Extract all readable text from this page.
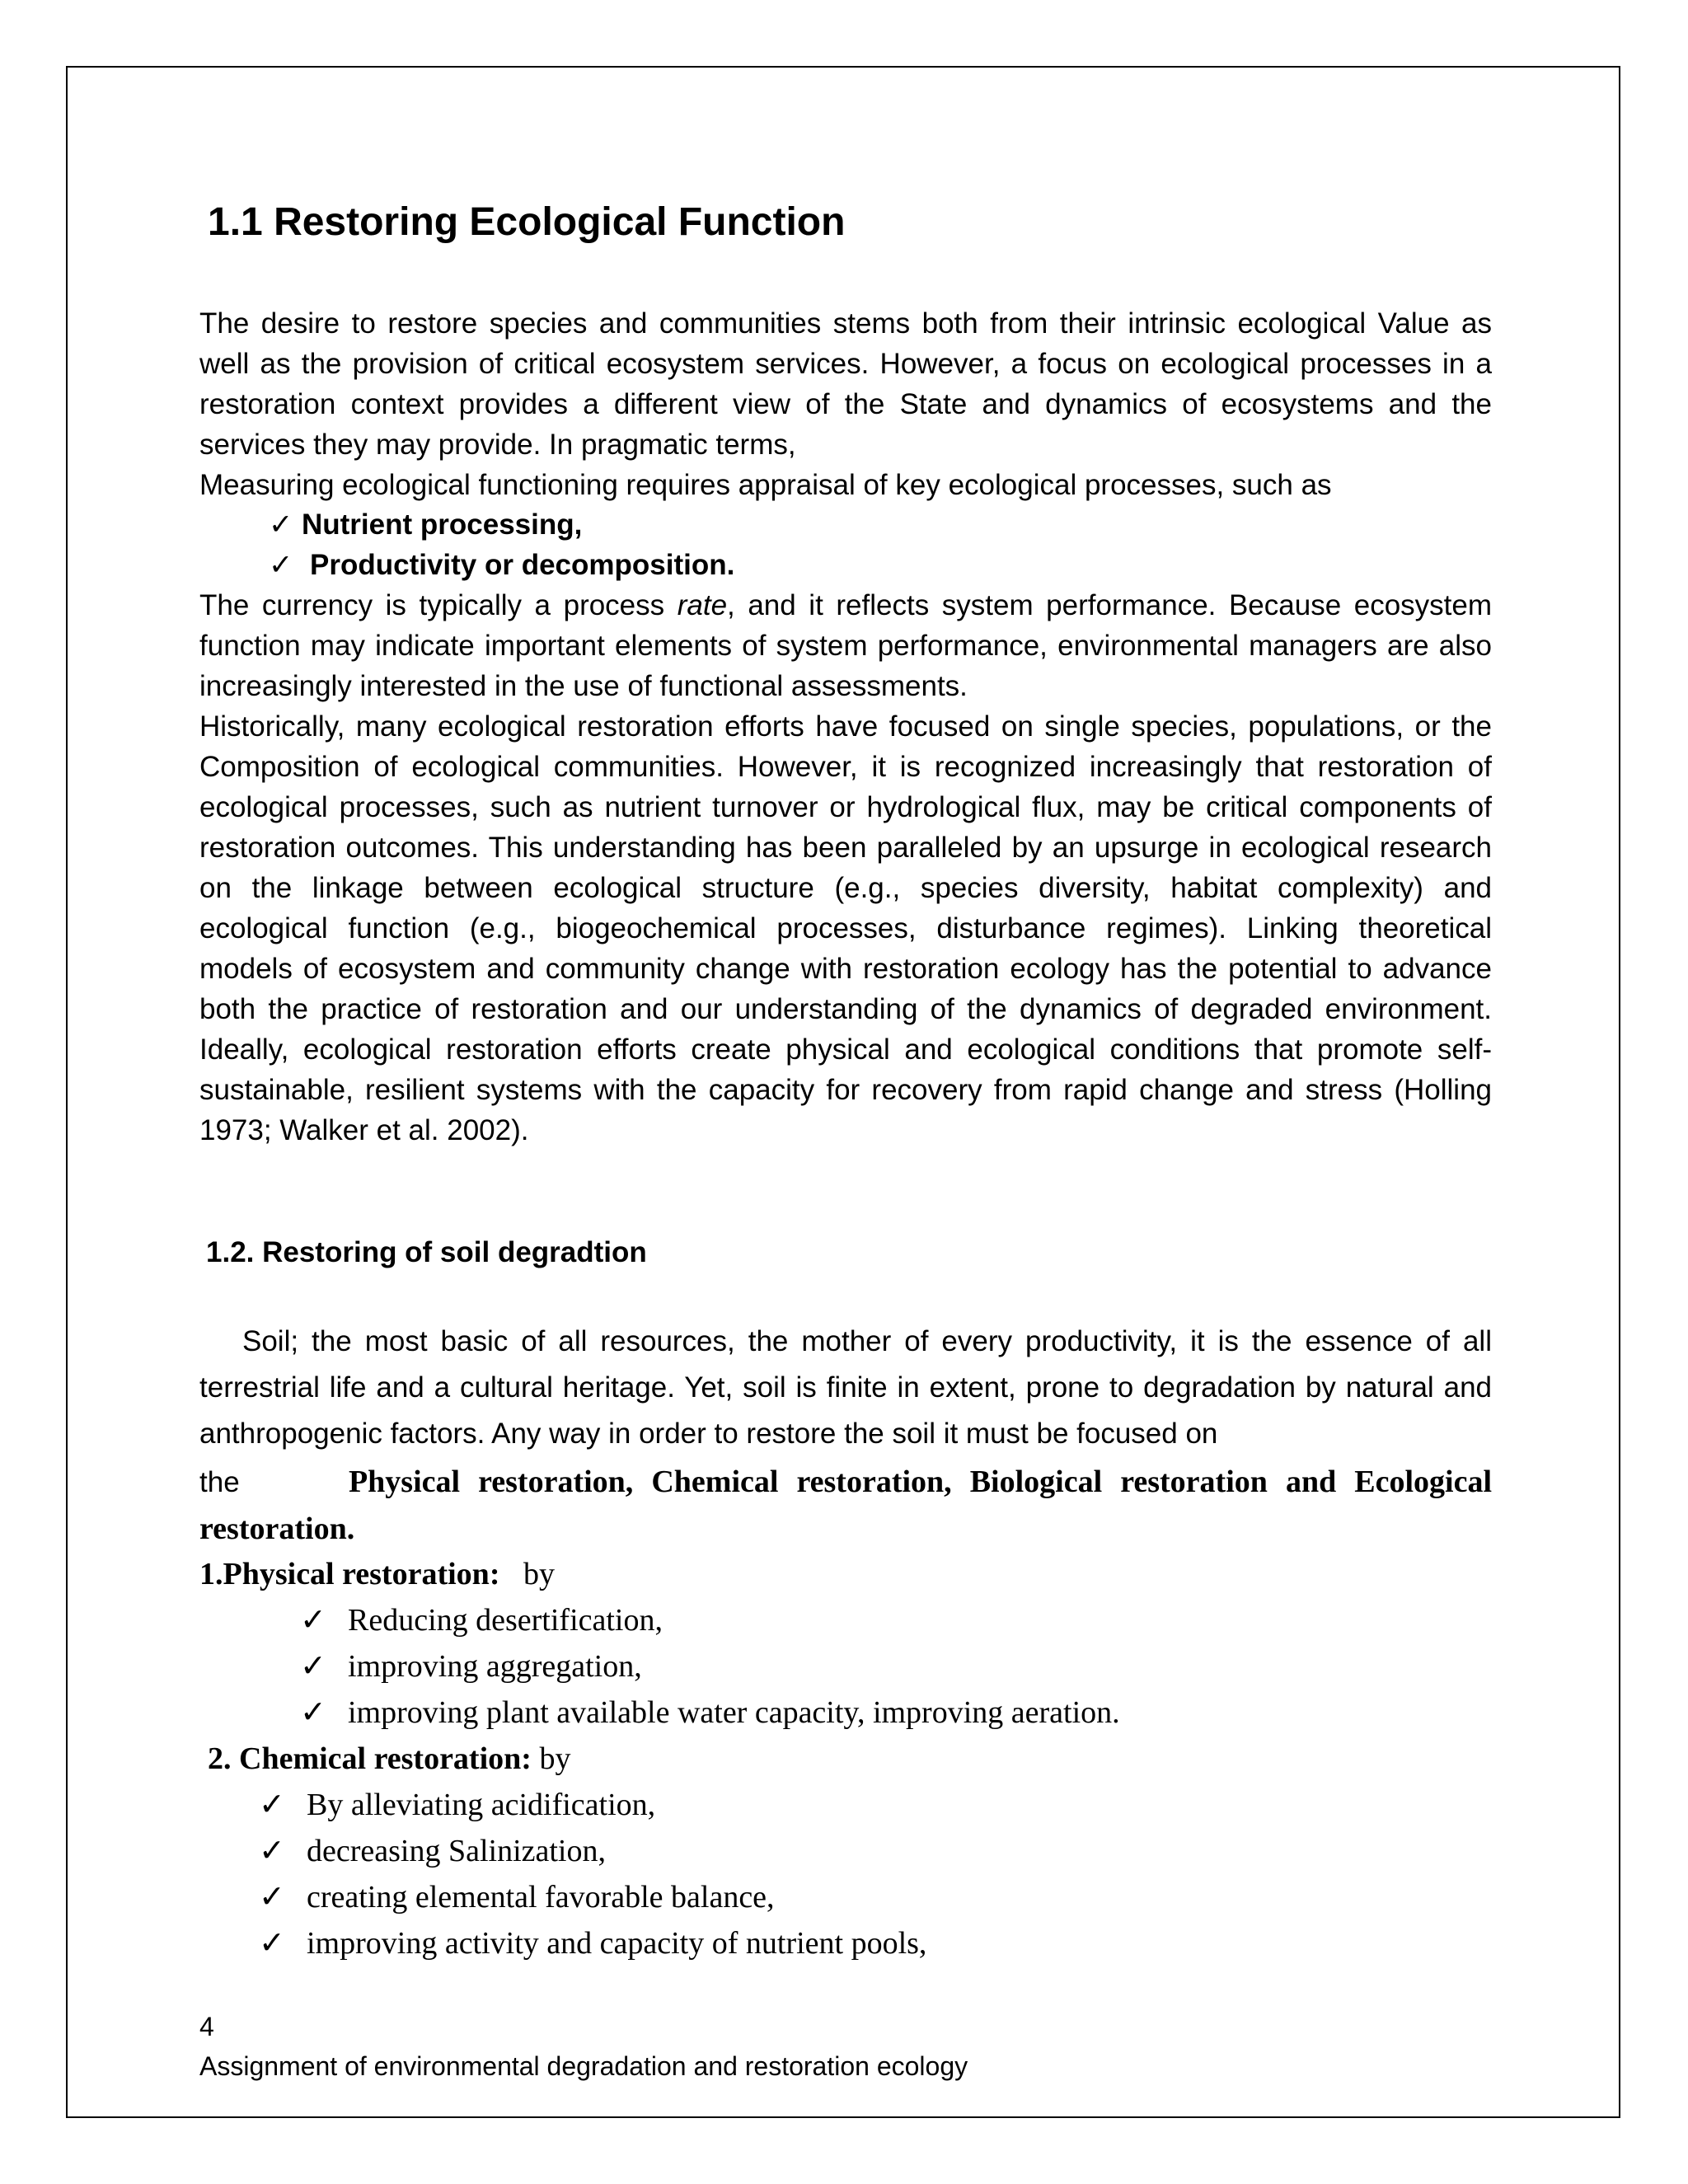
1.1 Restoring Ecological Function

The desire to restore species and communities stems both from their intrinsic ecological Value as well as the provision of critical ecosystem services. However, a focus on ecological processes in a restoration context provides a different view of the State and dynamics of ecosystems and the services they may provide. In pragmatic terms,

Measuring ecological functioning requires appraisal of key ecological processes, such as

✓ Nutrient processing,
✓ Productivity or decomposition.

The currency is typically a process rate, and it reflects system performance. Because ecosystem function may indicate important elements of system performance, environmental managers are also increasingly interested in the use of functional assessments.

Historically, many ecological restoration efforts have focused on single species, populations, or the Composition of ecological communities. However, it is recognized increasingly that restoration of ecological processes, such as nutrient turnover or hydrological flux, may be critical components of restoration outcomes. This understanding has been paralleled by an upsurge in ecological research on the linkage between ecological structure (e.g., species diversity, habitat complexity) and ecological function (e.g., biogeochemical processes, disturbance regimes). Linking theoretical models of ecosystem and community change with restoration ecology has the potential to advance both the practice of restoration and our understanding of the dynamics of degraded environment. Ideally, ecological restoration efforts create physical and ecological conditions that promote self-sustainable, resilient systems with the capacity for recovery from rapid change and stress (Holling 1973; Walker et al. 2002).

1.2. Restoring of soil degradtion

Soil; the most basic of all resources, the mother of every productivity, it is the essence of all terrestrial life and a cultural heritage. Yet, soil is finite in extent, prone to degradation by natural and anthropogenic factors. Any way in order to restore the soil it must be focused on

the	Physical restoration, Chemical restoration, Biological restoration and Ecological restoration.

1.Physical restoration: by
✓ Reducing desertification,
✓ improving aggregation,
✓ improving plant available water capacity, improving aeration.
2. Chemical restoration: by
✓ By alleviating acidification,
✓ decreasing Salinization,
✓ creating elemental favorable balance,
✓ improving activity and capacity of nutrient pools,
4
Assignment of environmental degradation and restoration ecology
